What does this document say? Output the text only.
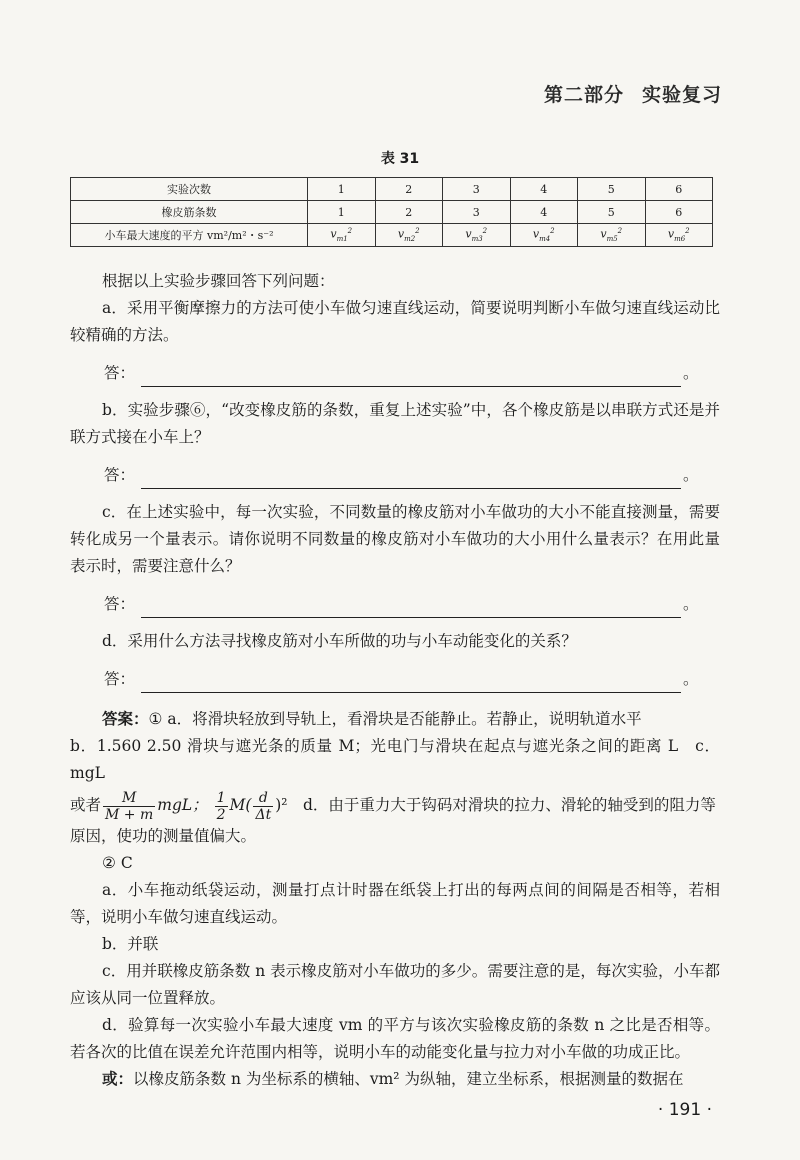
第二部分 实验复习
表 31
实验次数	1	2	3	4	5	6
橡皮筋条数	1	2	3	4	5	6
小车最大速度的平方 vm²/m²・s⁻²	$v_{m1}^2$	$v_{m2}^2$	$v_{m3}^2$	$v_{m4}^2$	$v_{m5}^2$	$v_{m6}^2$

根据以上实验步骤回答下列问题：

a．采用平衡摩擦力的方法可使小车做匀速直线运动，简要说明判断小车做匀速直线运动比较精确的方法。

答：	。

b．实验步骤⑥，“改变橡皮筋的条数，重复上述实验”中，各个橡皮筋是以串联方式还是并联方式接在小车上？

答：	。

c．在上述实验中，每一次实验，不同数量的橡皮筋对小车做功的大小不能直接测量，需要转化成另一个量表示。请你说明不同数量的橡皮筋对小车做功的大小用什么量表示？在用此量表示时，需要注意什么？

答：	。

d．采用什么方法寻找橡皮筋对小车所做的功与小车动能变化的关系？

答：	。

答案：① a．将滑块轻放到导轨上，看滑块是否能静止。若静止，说明轨道水平

b．1.560 2.50 滑块与遮光条的质量 M；光电门与滑块在起点与遮光条之间的距离 L　c．mgL

或者 $\frac{M}{M + m}$ mgL； $\frac{1}{2} M( \frac{d}{\Delta t} )^2$　d．由于重力大于钩码对滑块的拉力、滑轮的轴受到的阻力等

原因，使功的测量值偏大。

② C

a．小车拖动纸袋运动，测量打点计时器在纸袋上打出的每两点间的间隔是否相等，若相等，说明小车做匀速直线运动。

b．并联

c．用并联橡皮筋条数 n 表示橡皮筋对小车做功的多少。需要注意的是，每次实验，小车都应该从同一位置释放。

d．验算每一次实验小车最大速度 vm 的平方与该次实验橡皮筋的条数 n 之比是否相等。若各次的比值在误差允许范围内相等，说明小车的动能变化量与拉力对小车做的功成正比。

或：以橡皮筋条数 n 为坐标系的横轴、vm² 为纵轴，建立坐标系，根据测量的数据在

· 191 ·
